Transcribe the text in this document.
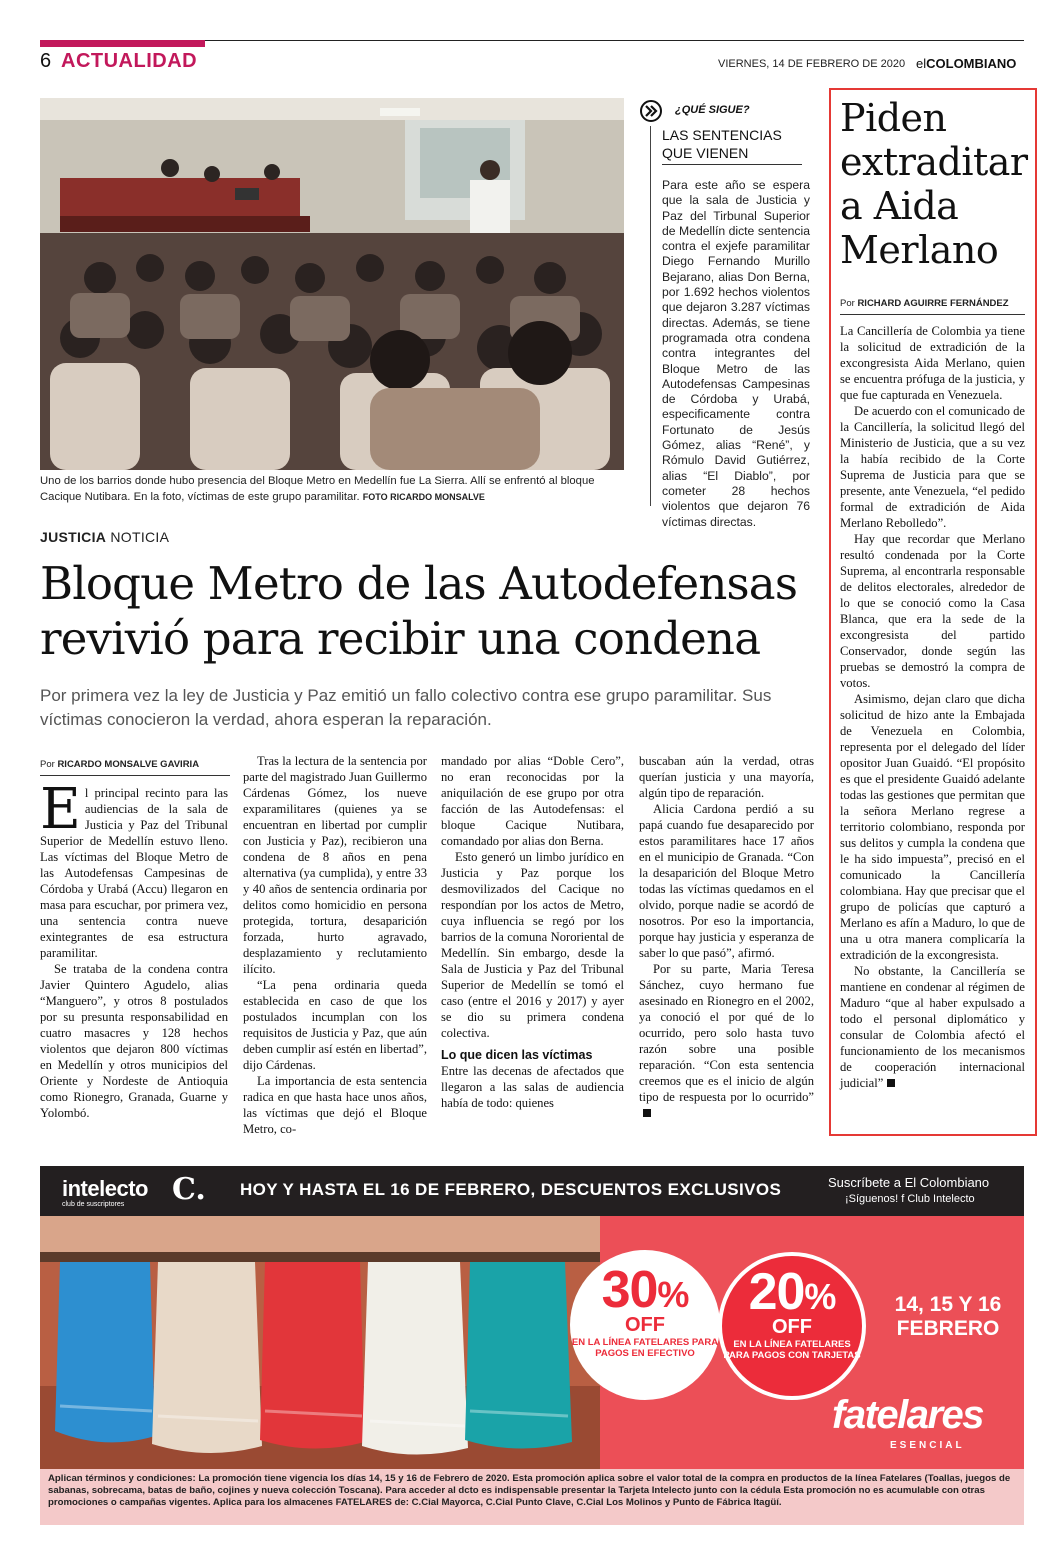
6 ACTUALIDAD	VIERNES, 14 DE FEBRERO DE 2020 elCOLOMBIANO
Uno de los barrios donde hubo presencia del Bloque Metro en Medellín fue La Sierra. Allí se enfrentó al bloque Cacique Nutibara. En la foto, víctimas de este grupo paramilitar. FOTO RICARDO MONSALVE
¿QUÉ SIGUE?
LAS SENTENCIAS
QUE VIENEN
Para este año se espera que la sala de Justicia y Paz del Tirbunal Superior de Medellín dicte sentencia contra el exjefe paramilitar Diego Fernando Murillo Bejarano, alias Don Berna, por 1.692 hechos violentos que dejaron 3.287 víctimas directas. Además, se tiene programada otra condena contra integrantes del Bloque Metro de las Autodefensas Campesinas de Córdoba y Urabá, especificamente contra Fortunato de Jesús Gómez, alias “René”, y Rómulo David Gutiérrez, alias “El Diablo”, por cometer 28 hechos violentos que dejaron 76 víctimas directas.
JUSTICIA NOTICIA
Bloque Metro de las Autodefensas revivió para recibir una condena
Por primera vez la ley de Justicia y Paz emitió un fallo colectivo contra ese grupo paramilitar. Sus víctimas conocieron la verdad, ahora esperan la reparación.
Por RICARDO MONSALVE GAVIRIA

El principal recinto para las audiencias de la sala de Justicia y Paz del Tribunal Superior de Medellín estuvo lleno. Las víctimas del Bloque Metro de las Autodefensas Campesinas de Córdoba y Urabá (Accu) llegaron en masa para escuchar, por primera vez, una sentencia contra nueve exintegrantes de esa estructura paramilitar.

Se trataba de la condena contra Javier Quintero Agudelo, alias “Manguero”, y otros 8 postulados por su presunta responsabilidad en cuatro masacres y 128 hechos violentos que dejaron 800 víctimas en Medellín y otros municipios del Oriente y Nordeste de Antioquia como Rionegro, Granada, Guarne y Yolombó.

Tras la lectura de la sentencia por parte del magistrado Juan Guillermo Cárdenas Gómez, los nueve exparamilitares (quienes ya se encuentran en libertad por cumplir con Justicia y Paz), recibieron una condena de 8 años en pena alternativa (ya cumplida), y entre 33 y 40 años de sentencia ordinaria por delitos como homicidio en persona protegida, tortura, desaparición forzada, hurto agravado, desplazamiento y reclutamiento ilícito.

“La pena ordinaria queda establecida en caso de que los postulados incumplan con los requisitos de Justicia y Paz, que aún deben cumplir así estén en libertad”, dijo Cárdenas.

La importancia de esta sentencia radica en que hasta hace unos años, las víctimas que dejó el Bloque Metro, co-

mandado por alias “Doble Cero”, no eran reconocidas por la aniquilación de ese grupo por otra facción de las Autodefensas: el bloque Cacique Nutibara, comandado por alias don Berna.

Esto generó un limbo jurídico en Justicia y Paz porque los desmovilizados del Cacique no respondían por los actos de Metro, cuya influencia se regó por los barrios de la comuna Nororiental de Medellín. Sin embargo, desde la Sala de Justicia y Paz del Tribunal Superior de Medellín se tomó el caso (entre el 2016 y 2017) y ayer se dio su primera condena colectiva.

Lo que dicen las víctimas

Entre las decenas de afectados que llegaron a las salas de audiencia había de todo: quienes

buscaban aún la verdad, otras querían justicia y una mayoría, algún tipo de reparación.

Alicia Cardona perdió a su papá cuando fue desaparecido por estos paramilitares hace 17 años en el municipio de Granada. “Con la desaparición del Bloque Metro todas las víctimas quedamos en el olvido, porque nadie se acordó de nosotros. Por eso la importancia, porque hay justicia y esperanza de saber lo que pasó”, afirmó.

Por su parte, Maria Teresa Sánchez, cuyo hermano fue asesinado en Rionegro en el 2002, ya conoció el por qué de lo ocurrido, pero solo hasta tuvo razón sobre una posible reparación. “Con esta sentencia creemos que es el inicio de algún tipo de respuesta por lo ocurrido”

Piden extraditar a Aida Merlano
Por RICHARD AGUIRRE FERNÁNDEZ

La Cancillería de Colombia ya tiene la solicitud de extradición de la excongresista Aida Merlano, quien se encuentra prófuga de la justicia, y que fue capturada en Venezuela.

De acuerdo con el comunicado de la Cancillería, la solicitud llegó del Ministerio de Justicia, que a su vez la había recibido de la Corte Suprema de Justicia para que se presente, ante Venezuela, “el pedido formal de extradición de Aida Merlano Rebolledo”.

Hay que recordar que Merlano resultó condenada por la Corte Suprema, al encontrarla responsable de delitos electorales, alrededor de lo que se conoció como la Casa Blanca, que era la sede de la excongresista del partido Conservador, donde según las pruebas se demostró la compra de votos.

Asimismo, dejan claro que dicha solicitud de hizo ante la Embajada de Venezuela en Colombia, representa por el delegado del líder opositor Juan Guaidó. “El propósito es que el presidente Guaidó adelante todas las gestiones que permitan que la señora Merlano regrese a territorio colombiano, responda por sus delitos y cumpla la condena que le ha sido impuesta”, precisó en el comunicado la Cancillería colombiana. Hay que precisar que el grupo de policías que capturó a Merlano es afín a Maduro, lo que de una u otra manera complicaría la extradición de la excongresista.

No obstante, la Cancillería se mantiene en condenar al régimen de Maduro “que al haber expulsado a todo el personal diplomático y consular de Colombia afectó el funcionamiento de los mecanismos de cooperación internacional judicial”

intelecto
club de suscriptores C. HOY Y HASTA EL 16 DE FEBRERO, DESCUENTOS EXCLUSIVOS	Suscríbete a El Colombiano
¡Síguenos! f Club Intelecto
30%
OFF
EN LA LÍNEA FATELARES PARA PAGOS EN EFECTIVO
20%
OFF
EN LA LÍNEA FATELARES PARA PAGOS CON TARJETAS
14, 15 Y 16 FEBRERO
fatelares
ESENCIAL
Aplican términos y condiciones: La promoción tiene vigencia los días 14, 15 y 16 de Febrero de 2020. Esta promoción aplica sobre el valor total de la compra en productos de la línea Fatelares (Toallas, juegos de sabanas, sobrecama, batas de baño, cojines y nueva colección Toscana). Para acceder al dcto es indispensable presentar la Tarjeta Intelecto junto con la cédula Esta promoción no es acumulable con otras promociones o campañas vigentes. Aplica para los almacenes FATELARES de: C.Cial Mayorca, C.Cial Punto Clave, C.Cial Los Molinos y Punto de Fábrica Itagüí.
